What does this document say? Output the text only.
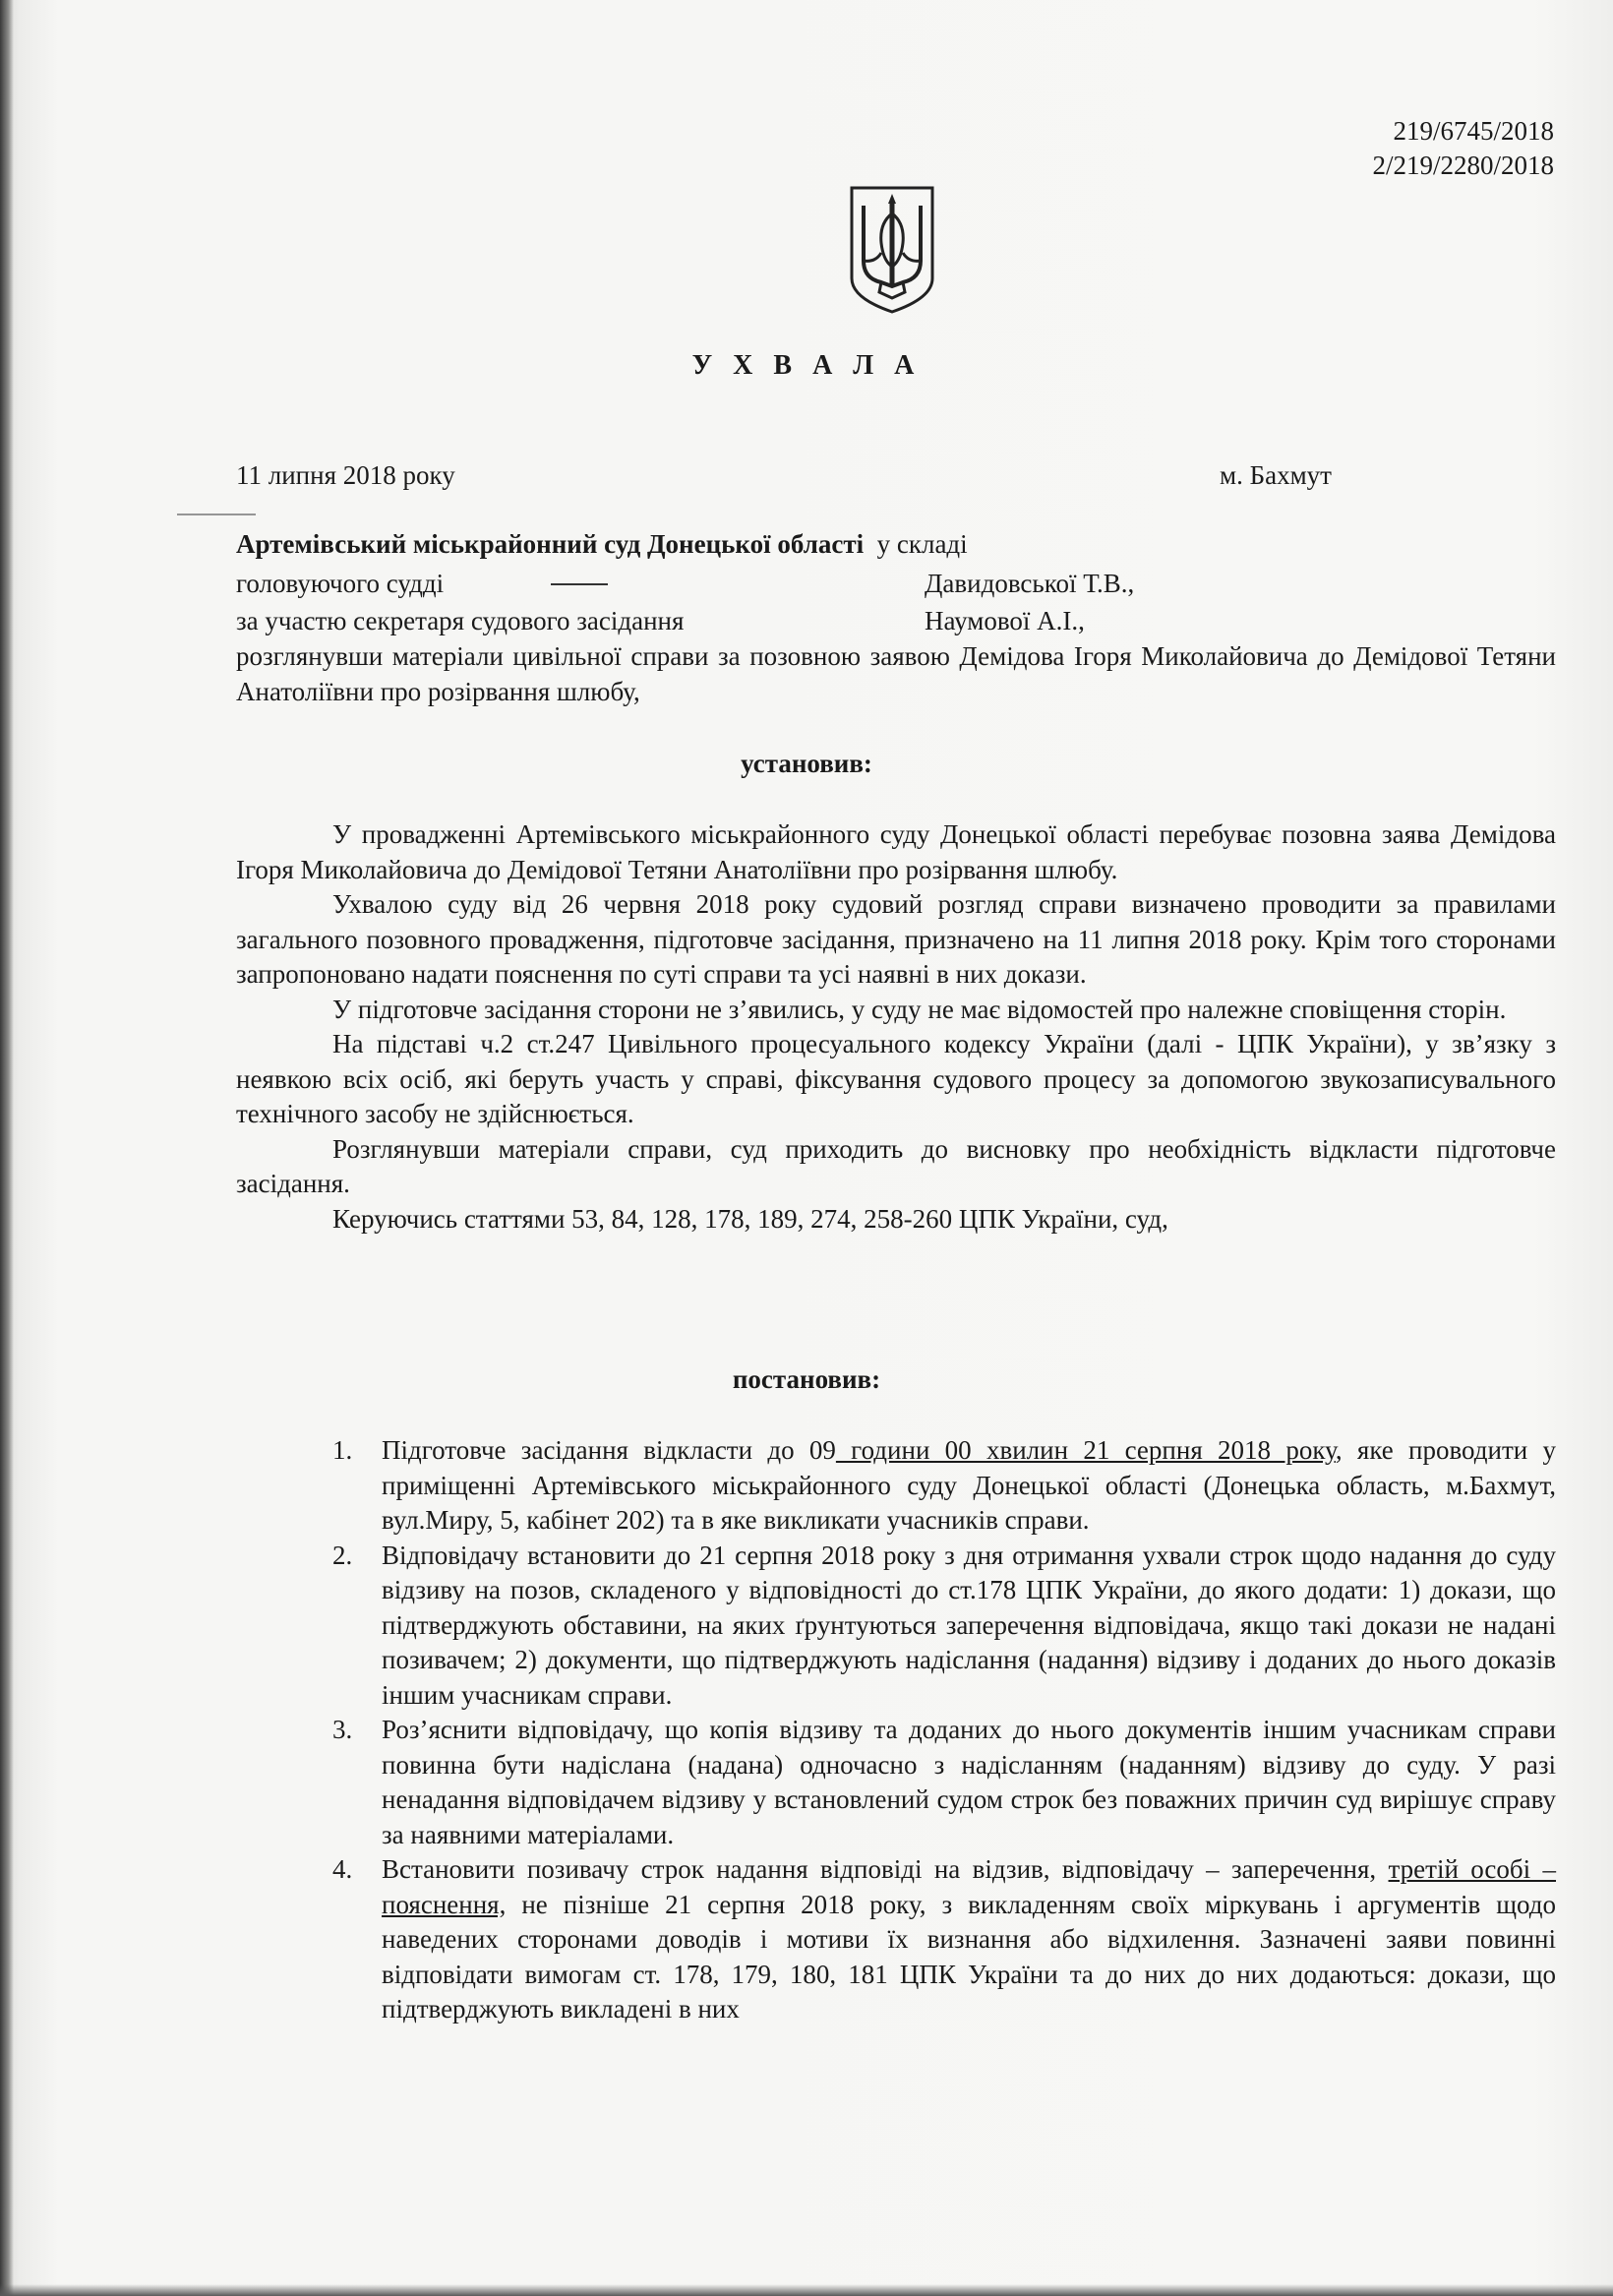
219/6745/2018
2/219/2280/2018
У Х В А Л А
11 липня 2018 року	м. Бахмут
Артемівський міськрайонний суд Донецької області у складі
головуючого судді	Давидовської Т.В.,
за участю секретаря судового засідання	Наумової А.І.,

розглянувши матеріали цивільної справи за позовною заявою Демідова Ігоря Миколайовича до Демідової Тетяни Анатоліївни про розірвання шлюбу,

установив:

У провадженні Артемівського міськрайонного суду Донецької області перебуває позовна заява Демідова Ігоря Миколайовича до Демідової Тетяни Анатоліївни про розірвання шлюбу.

Ухвалою суду від 26 червня 2018 року судовий розгляд справи визначено проводити за правилами загального позовного провадження, підготовче засідання, призначено на 11 липня 2018 року. Крім того сторонами запропоновано надати пояснення по суті справи та усі наявні в них докази.

У підготовче засідання сторони не з’явились, у суду не має відомостей про належне сповіщення сторін.

На підставі ч.2 ст.247 Цивільного процесуального кодексу України (далі - ЦПК України), у зв’язку з неявкою всіх осіб, які беруть участь у справі, фіксування судового процесу за допомогою звукозаписувального технічного засобу не здійснюється.

Розглянувши матеріали справи, суд приходить до висновку про необхідність відкласти підготовче засідання.

Керуючись статтями 53, 84, 128, 178, 189, 274, 258-260 ЦПК України, суд,

постановив:

1. Підготовче засідання відкласти до 09 години 00 хвилин 21 серпня 2018 року, яке проводити у приміщенні Артемівського міськрайонного суду Донецької області (Донецька область, м.Бахмут, вул.Миру, 5, кабінет 202) та в яке викликати учасників справи.

2. Відповідачу встановити до 21 серпня 2018 року з дня отримання ухвали строк щодо надання до суду відзиву на позов, складеного у відповідності до ст.178 ЦПК України, до якого додати: 1) докази, що підтверджують обставини, на яких ґрунтуються заперечення відповідача, якщо такі докази не надані позивачем; 2) документи, що підтверджують надіслання (надання) відзиву і доданих до нього доказів іншим учасникам справи.

3. Роз’яснити відповідачу, що копія відзиву та доданих до нього документів іншим учасникам справи повинна бути надіслана (надана) одночасно з надісланням (наданням) відзиву до суду. У разі ненадання відповідачем відзиву у встановлений судом строк без поважних причин суд вирішує справу за наявними матеріалами.

4. Встановити позивачу строк надання відповіді на відзив, відповідачу – заперечення, третій особі – пояснення, не пізніше 21 серпня 2018 року, з викладенням своїх міркувань і аргументів щодо наведених сторонами доводів і мотиви їх визнання або відхилення. Зазначені заяви повинні відповідати вимогам ст. 178, 179, 180, 181 ЦПК України та до них до них додаються: докази, що підтверджують викладені в них
